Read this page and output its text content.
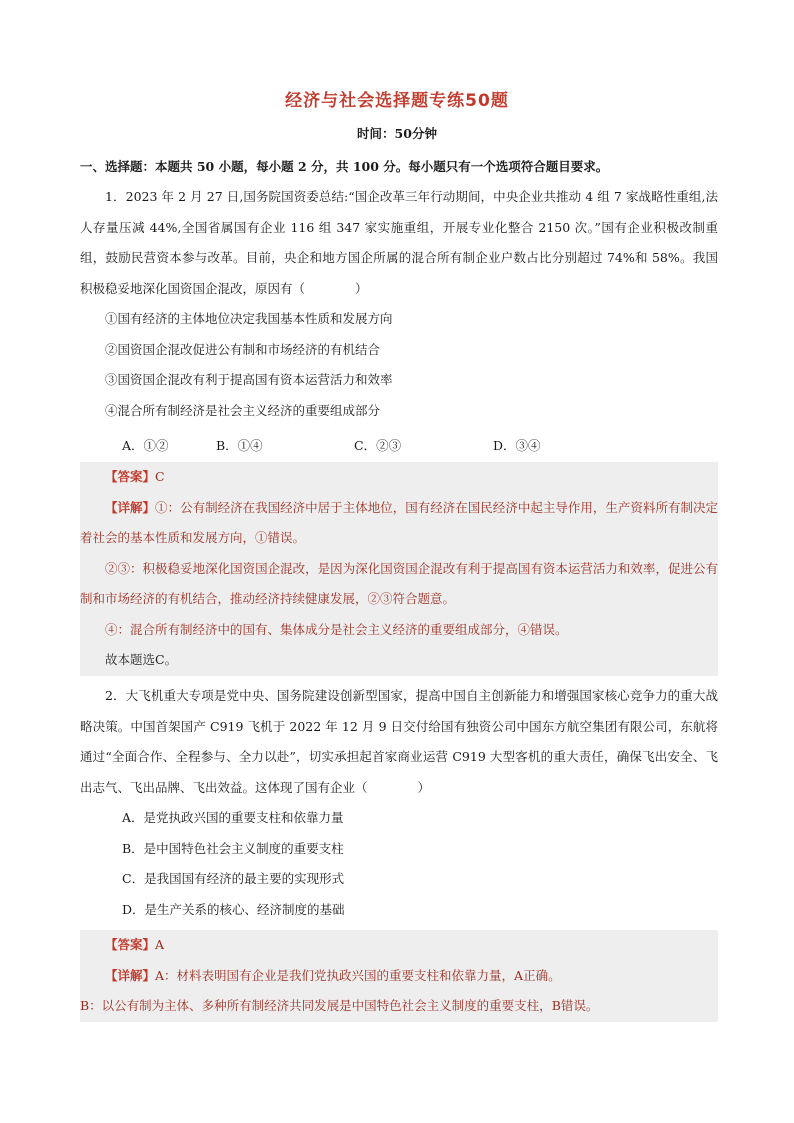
经济与社会选择题专练50题
时间：50分钟
一、选择题：本题共 50 小题，每小题 2 分，共 100 分。每小题只有一个选项符合题目要求。

1．2023 年 2 月 27 日,国务院国资委总结:“国企改革三年行动期间，中央企业共推动 4 组 7 家战略性重组,法人存量压减 44%,全国省属国有企业 116 组 347 家实施重组，开展专业化整合 2150 次。”国有企业积极改制重组，鼓励民营资本参与改革。目前，央企和地方国企所属的混合所有制企业户数占比分别超过 74%和 58%。我国积极稳妥地深化国资国企混改，原因有（　　　　）

①国有经济的主体地位决定我国基本性质和发展方向

②国资国企混改促进公有制和市场经济的有机结合

③国资国企混改有利于提高国有资本运营活力和效率

④混合所有制经济是社会主义经济的重要组成部分

A．①②	B．①④	C．②③	D．③④

【答案】C

【详解】①：公有制经济在我国经济中居于主体地位，国有经济在国民经济中起主导作用，生产资料所有制决定着社会的基本性质和发展方向，①错误。

②③：积极稳妥地深化国资国企混改，是因为深化国资国企混改有利于提高国有资本运营活力和效率，促进公有制和市场经济的有机结合，推动经济持续健康发展，②③符合题意。

④：混合所有制经济中的国有、集体成分是社会主义经济的重要组成部分，④错误。

故本题选C。

2．大飞机重大专项是党中央、国务院建设创新型国家，提高中国自主创新能力和增强国家核心竞争力的重大战略决策。中国首架国产 C919 飞机于 2022 年 12 月 9 日交付给国有独资公司中国东方航空集团有限公司，东航将通过“全面合作、全程参与、全力以赴”，切实承担起首家商业运营 C919 大型客机的重大责任，确保飞出安全、飞出志气、飞出品牌、飞出效益。这体现了国有企业（　　　　）

A．是党执政兴国的重要支柱和依靠力量

B．是中国特色社会主义制度的重要支柱

C．是我国国有经济的最主要的实现形式

D．是生产关系的核心、经济制度的基础

【答案】A

【详解】A：材料表明国有企业是我们党执政兴国的重要支柱和依靠力量，A正确。

B：以公有制为主体、多种所有制经济共同发展是中国特色社会主义制度的重要支柱，B错误。
